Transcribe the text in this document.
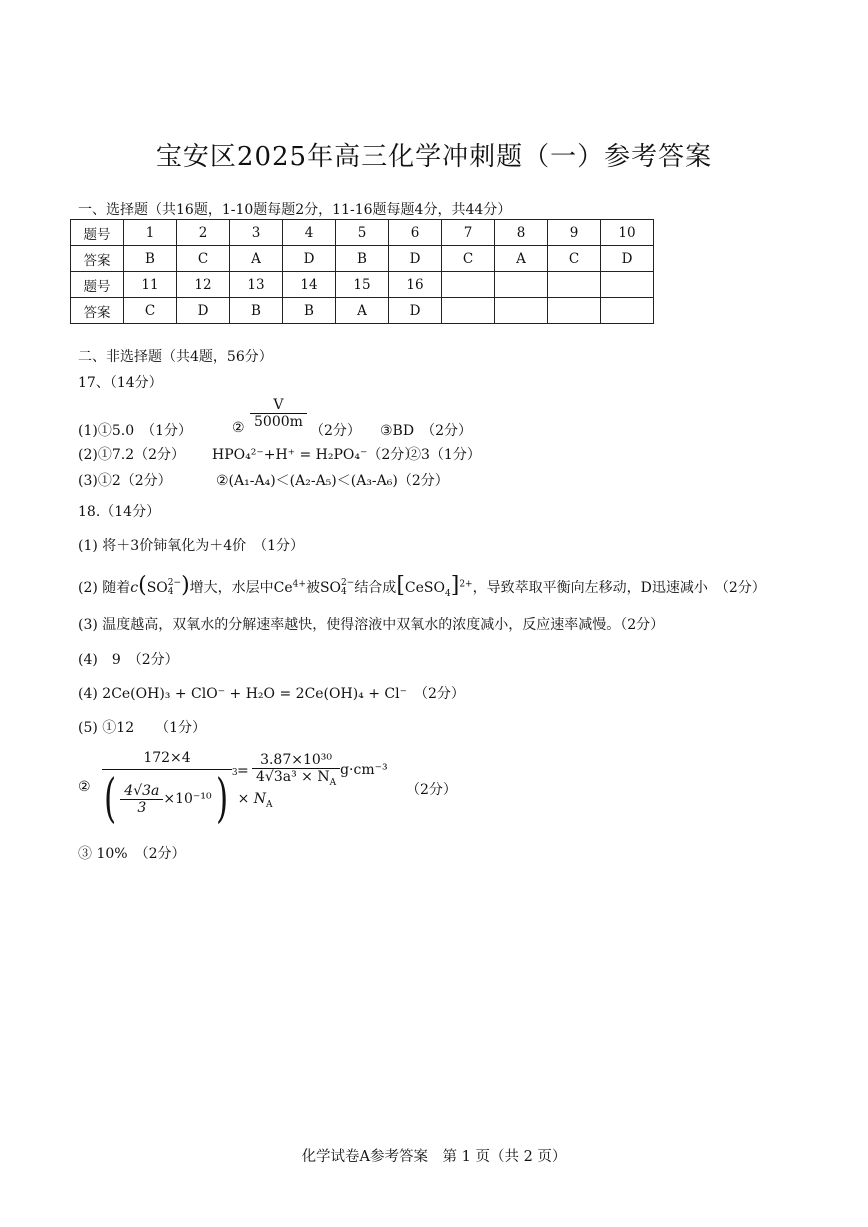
宝安区2025年高三化学冲刺题（一）参考答案
一、选择题（共16题，1-10题每题2分，11-16题每题4分，共44分）
题号	1	2	3	4	5	6	7	8	9	10
答案	B	C	A	D	B	D	C	A	C	D
题号	11	12	13	14	15	16				
答案	C	D	B	B	A	D				
二、非选择题（共4题，56分）
17、（14分）
(1)①5.0　（1分）	② $\frac{V}{5000m}$
（2分） ③BD　（2分）
(2)①7.2（2分） HPO₄²⁻+H⁺ = H₂PO₄⁻（2分）
②3（1分）
(3)①2（2分）	②(A₁-A₄)＜(A₂-A₅)＜(A₃-A₆)（2分）
18.（14分）
(1) 将＋3价铈氧化为＋4价　（1分）
(2) 随着c(SO 2−
4 )增大，水层中$Ce^{4+}$被SO 2−
4 结合成[CeSO$_4$]$^{2+}$，导致萃取平衡向左移动，D迅速减小　（2分）
(3) 温度越高，双氧水的分解速率越快，使得溶液中双氧水的浓度减小，反应速率减慢。（2分）
(4)　9　（2分）
(4) 2Ce(OH)₃ + ClO⁻ + H₂O = 2Ce(OH)₄ + Cl⁻　（2分）
(5) ①12　　（1分）
②
172×4
( $\frac{4√3a}{3} \times 10^{-10}$) $^3\times N_A$
= $\frac{\text{3.87×10³⁰}}{4√3a^3 \times N_A} g\cdot cm^{-3}$
（2分）
③ 10%　（2分）
化学试卷A参考答案　第 1 页（共 2 页）
